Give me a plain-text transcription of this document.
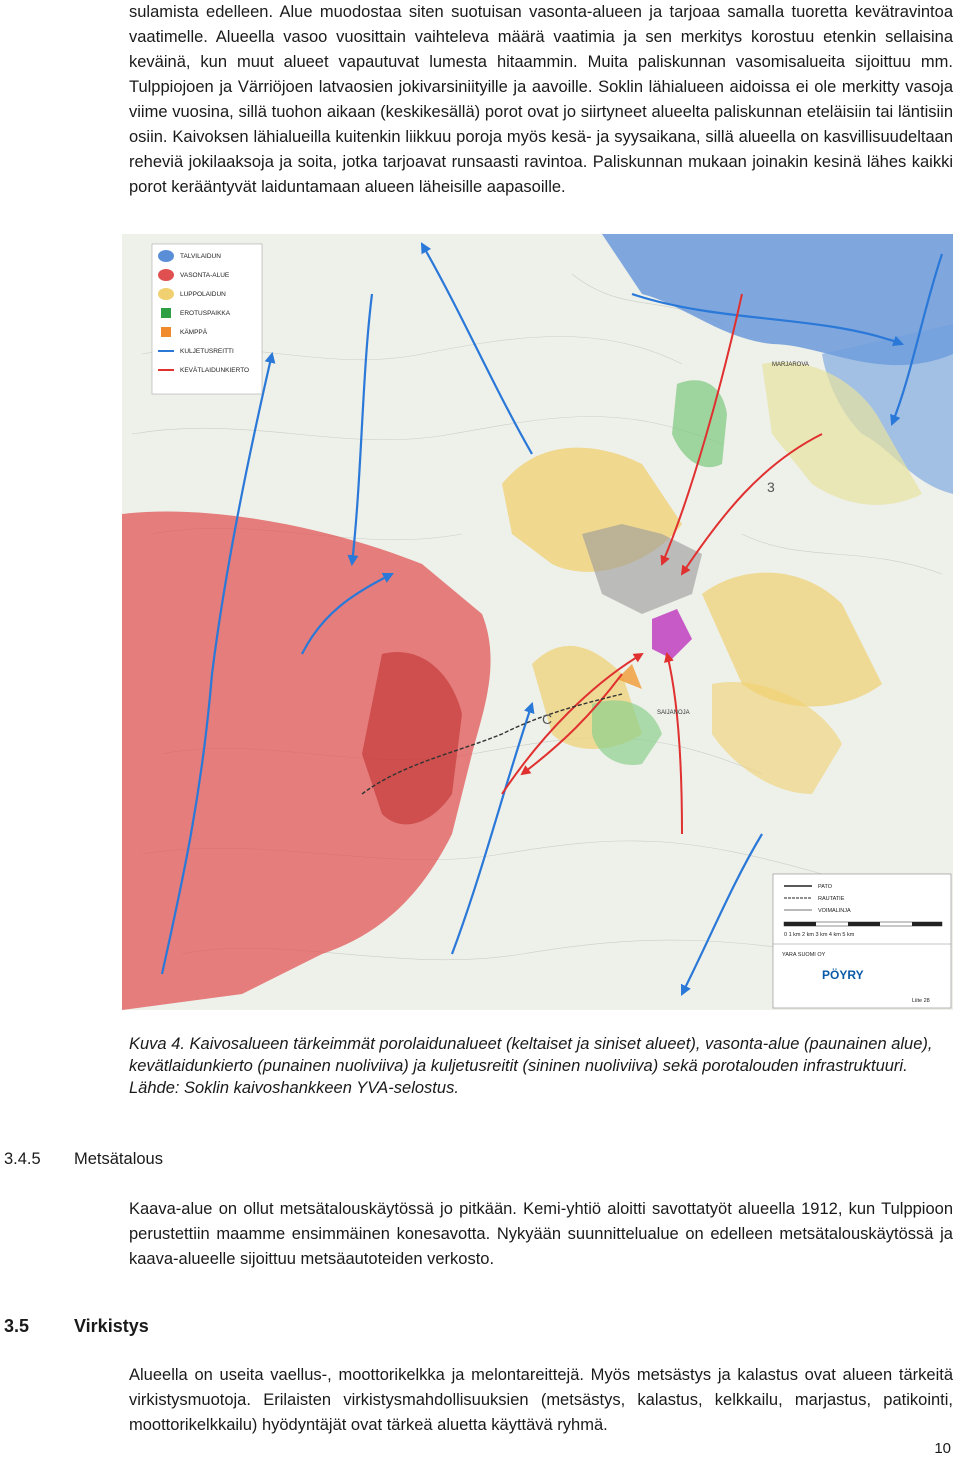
sulamista edelleen. Alue muodostaa siten suotuisan vasonta-alueen ja tarjoaa samalla tuoretta kevätravintoa vaatimelle. Alueella vasoo vuosittain vaihteleva määrä vaatimia ja sen merkitys korostuu etenkin sellaisina keväinä, kun muut alueet vapautuvat lumesta hitaammin. Muita paliskunnan vasomisalueita sijoittuu mm. Tulppiojoen ja Värriöjoen latvaosien jokivarsiniityille ja aavoille. Soklin lähialueen aidoissa ei ole merkitty vasoja viime vuosina, sillä tuohon aikaan (keskikesällä) porot ovat jo siirtyneet alueelta paliskunnan eteläisiin tai läntisiin osiin. Kaivoksen lähialueilla kuitenkin liikkuu poroja myös kesä- ja syysaikana, sillä alueella on kasvillisuudeltaan reheviä jokilaaksoja ja soita, jotka tarjoavat runsaasti ravintoa. Paliskunnan mukaan joinakin kesinä lähes kaikki porot kerääntyvät laiduntamaan alueen läheisille aapasoille.

MARJAROVA
SAIJANOJA
3
C
TALVILAIDUN
VASONTA-ALUE
LUPPOLAIDUN
EROTUSPAIKKA
KÄMPPÄ
KULJETUSREITTI
KEVÄTLAIDUNKIERTO
PATO
RAUTATIE
VOIMALINJA
0 1 km 2 km 3 km 4 km 5 km
YARA SUOMI OY
PÖYRY
Liite 28

Kuva 4. Kaivosalueen tärkeimmät porolaidunalueet (keltaiset ja siniset alueet), vasonta-alue (paunainen alue), kevätlaidunkierto (punainen nuoliviiva) ja kuljetusreitit (sininen nuoliviiva) sekä porotalouden infrastruktuuri. Lähde: Soklin kaivoshankkeen YVA-selostus.

3.4.5 Metsätalous

Kaava-alue on ollut metsätalouskäytössä jo pitkään. Kemi-yhtiö aloitti savottatyöt alueella 1912, kun Tulppioon perustettiin maamme ensimmäinen konesavotta. Nykyään suunnittelualue on edelleen metsätalouskäytössä ja kaava-alueelle sijoittuu metsäautoteiden verkosto.

3.5 Virkistys

Alueella on useita vaellus-, moottorikelkka ja melontareittejä. Myös metsästys ja kalastus ovat alueen tärkeitä virkistysmuotoja. Erilaisten virkistysmahdollisuuksien (metsästys, kalastus, kelkkailu, marjastus, patikointi, moottorikelkkailu) hyödyntäjät ovat tärkeä aluetta käyttävä ryhmä.

10
